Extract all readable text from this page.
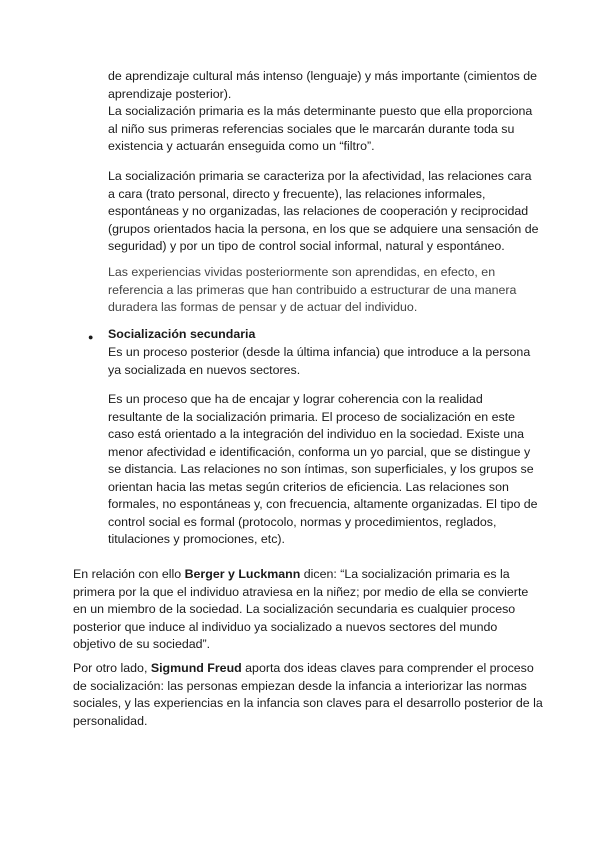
de aprendizaje cultural más intenso (lenguaje) y más importante (cimientos de aprendizaje posterior).

La socialización primaria es la más determinante puesto que ella proporciona al niño sus primeras referencias sociales que le marcarán durante toda su existencia y actuarán enseguida como un “filtro”.

La socialización primaria se caracteriza por la afectividad, las relaciones cara a cara (trato personal, directo y frecuente), las relaciones informales, espontáneas y no organizadas, las relaciones de cooperación y reciprocidad (grupos orientados hacia la persona, en los que se adquiere una sensación de seguridad) y por un tipo de control social informal, natural y espontáneo.

Las experiencias vividas posteriormente son aprendidas, en efecto, en referencia a las primeras que han contribuido a estructurar de una manera duradera las formas de pensar y de actuar del individuo.

● Socialización secundaria

Es un proceso posterior (desde la última infancia) que introduce a la persona ya socializada en nuevos sectores.

Es un proceso que ha de encajar y lograr coherencia con la realidad resultante de la socialización primaria. El proceso de socialización en este caso está orientado a la integración del individuo en la sociedad. Existe una menor afectividad e identificación, conforma un yo parcial, que se distingue y se distancia. Las relaciones no son íntimas, son superficiales, y los grupos se orientan hacia las metas según criterios de eficiencia. Las relaciones son formales, no espontáneas y, con frecuencia, altamente organizadas. El tipo de control social es formal (protocolo, normas y procedimientos, reglados, titulaciones y promociones, etc).

En relación con ello Berger y Luckmann dicen: “La socialización primaria es la primera por la que el individuo atraviesa en la niñez; por medio de ella se convierte en un miembro de la sociedad. La socialización secundaria es cualquier proceso posterior que induce al individuo ya socializado a nuevos sectores del mundo objetivo de su sociedad”.

Por otro lado, Sigmund Freud aporta dos ideas claves para comprender el proceso de socialización: las personas empiezan desde la infancia a interiorizar las normas sociales, y las experiencias en la infancia son claves para el desarrollo posterior de la personalidad.
